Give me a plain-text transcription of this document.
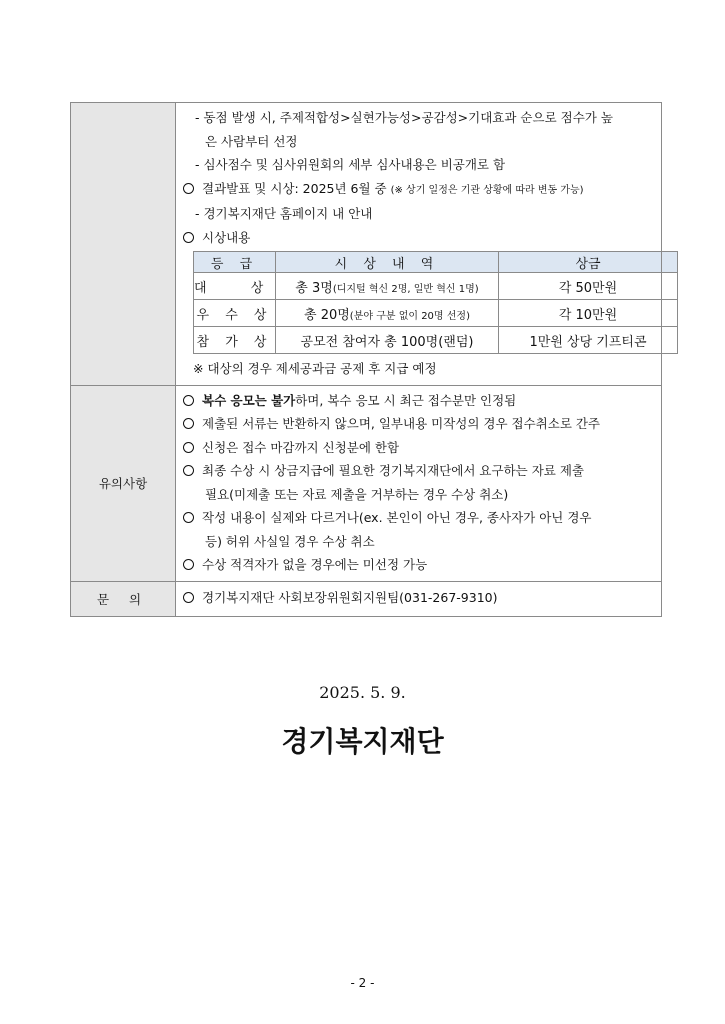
- 동점 발생 시, 주제적합성>실현가능성>공감성>기대효과 순으로 점수가 높
은 사람부터 선정
- 심사점수 및 심사위원회의 세부 심사내용은 비공개로 함
결과발표 및 시상: 2025년 6월 중 (※ 상기 일정은 기관 상황에 따라 변동 가능)
- 경기복지재단 홈페이지 내 안내
시상내용
등 급	시 상 내 역	상금
대 상	총 3명(디지털 혁신 2명, 일반 혁신 1명)	각 50만원
우 수 상	총 20명(분야 구분 없이 20명 선정)	각 10만원
참 가 상	공모전 참여자 총 100명(랜덤)	1만원 상당 기프티콘
※ 대상의 경우 제세공과금 공제 후 지급 예정

유의사항	
복수 응모는 불가하며, 복수 응모 시 최근 접수분만 인정됨
제출된 서류는 반환하지 않으며, 일부내용 미작성의 경우 접수취소로 간주
신청은 접수 마감까지 신청분에 한함
최종 수상 시 상금지급에 필요한 경기복지재단에서 요구하는 자료 제출
필요(미제출 또는 자료 제출을 거부하는 경우 수상 취소)
작성 내용이 실제와 다르거나(ex. 본인이 아닌 경우, 종사자가 아닌 경우
등) 허위 사실일 경우 수상 취소
수상 적격자가 없을 경우에는 미선정 가능

문 의	경기복지재단 사회보장위원회지원팀(031-267-9310)
2025. 5. 9.
경기복지재단
- 2 -
